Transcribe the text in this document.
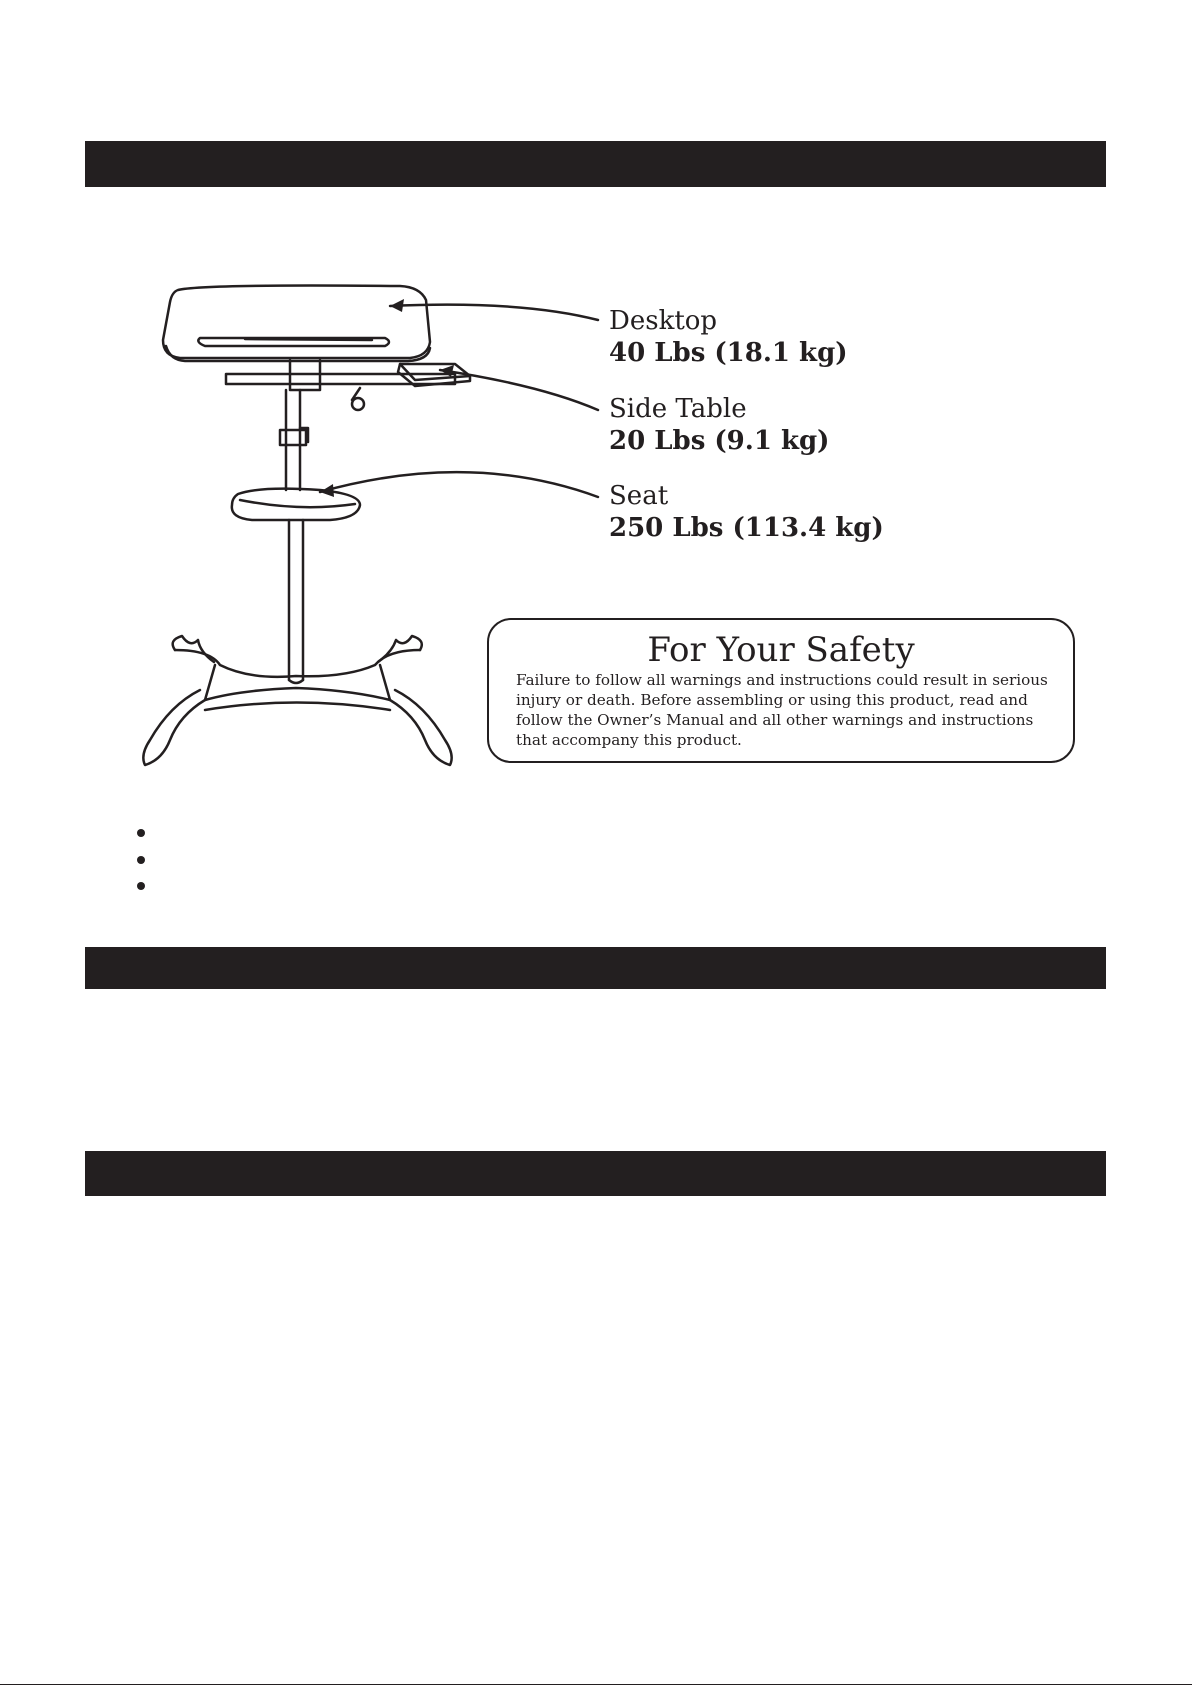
Desktop
40 Lbs (18.1 kg)
Side Table
20 Lbs (9.1 kg)
Seat
250 Lbs (113.4 kg)
For Your Safety
Failure to follow all warnings and instructions could result in serious injury or death. Before assembling or using this product, read and follow the Owner’s Manual and all other warnings and instructions that accompany this product.
